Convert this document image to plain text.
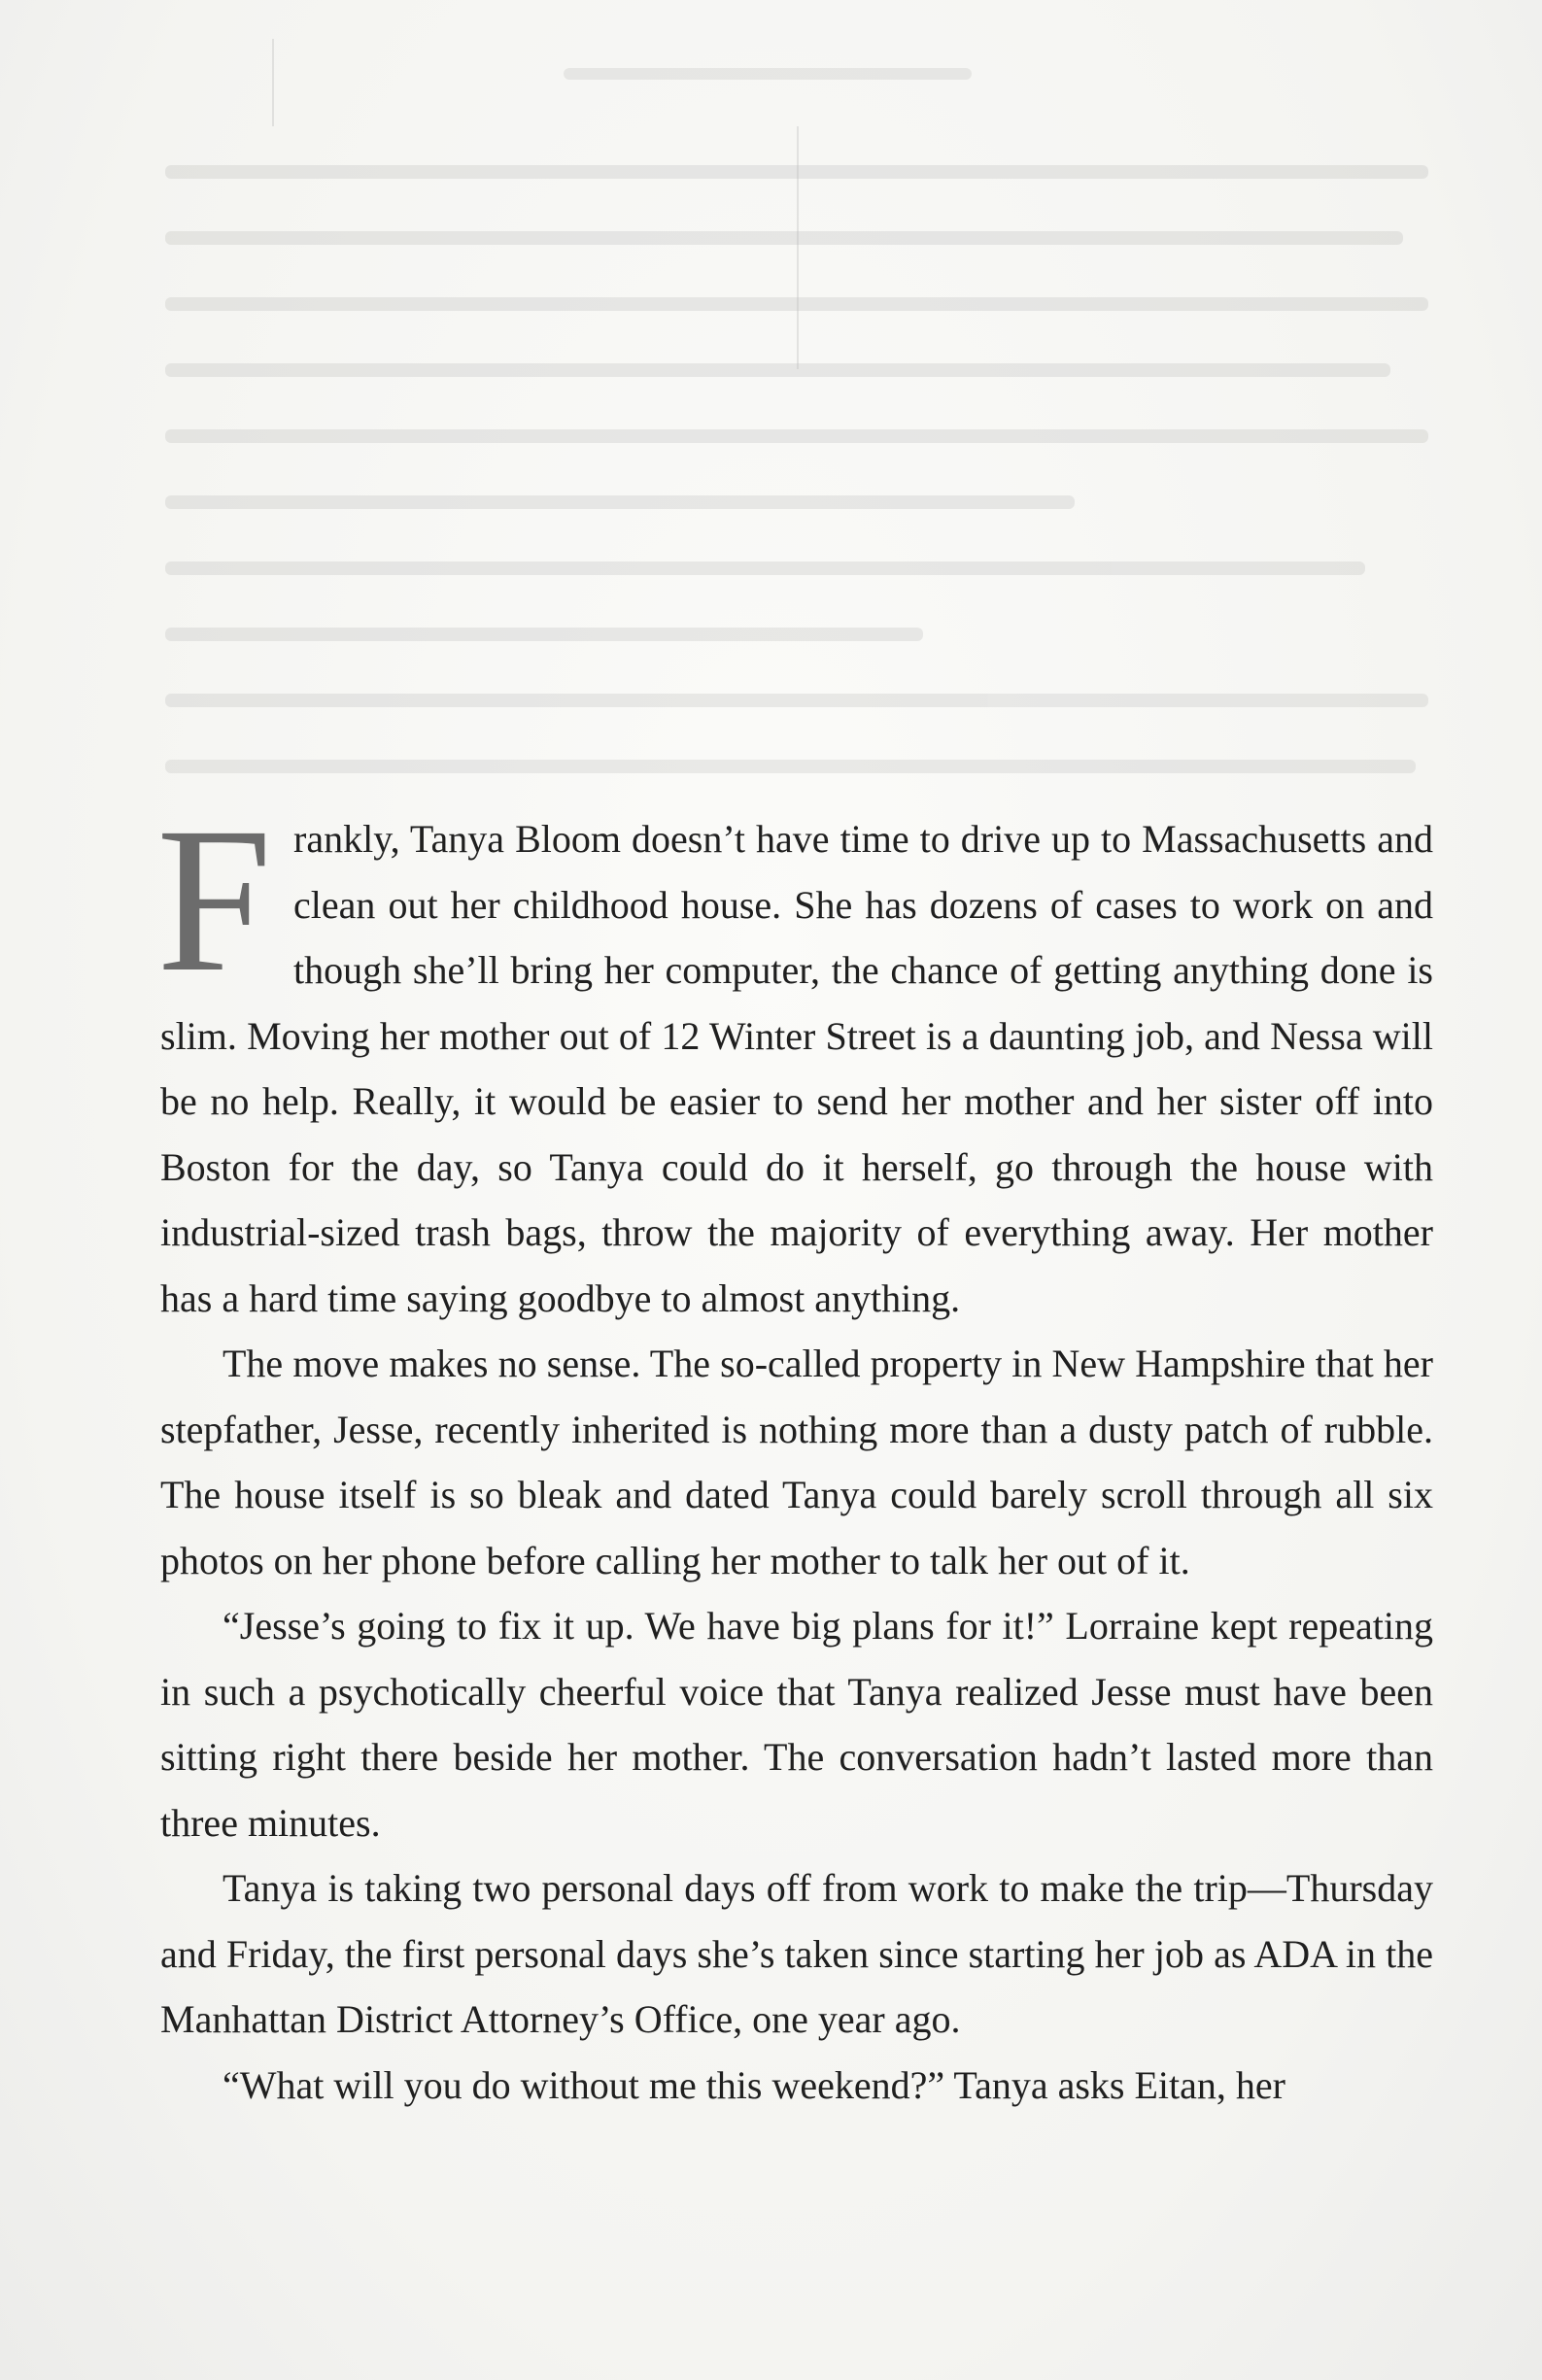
Frankly, Tanya Bloom doesn’t have time to drive up to Massachusetts and clean out her childhood house. She has dozens of cases to work on and though she’ll bring her computer, the chance of getting anything done is slim. Moving her mother out of 12 Winter Street is a daunting job, and Nessa will be no help. Really, it would be easier to send her mother and her sister off into Boston for the day, so Tanya could do it herself, go through the house with industrial-sized trash bags, throw the majority of everything away. Her mother has a hard time saying goodbye to almost anything.

The move makes no sense. The so-called property in New Hampshire that her stepfather, Jesse, recently inherited is nothing more than a dusty patch of rubble. The house itself is so bleak and dated Tanya could barely scroll through all six photos on her phone before calling her mother to talk her out of it.

“Jesse’s going to fix it up. We have big plans for it!” Lorraine kept repeating in such a psychotically cheerful voice that Tanya realized Jesse must have been sitting right there beside her mother. The conversation hadn’t lasted more than three minutes.

Tanya is taking two personal days off from work to make the trip—Thursday and Friday, the first personal days she’s taken since starting her job as ADA in the Manhattan District Attorney’s Office, one year ago.

“What will you do without me this weekend?” Tanya asks Eitan, her
